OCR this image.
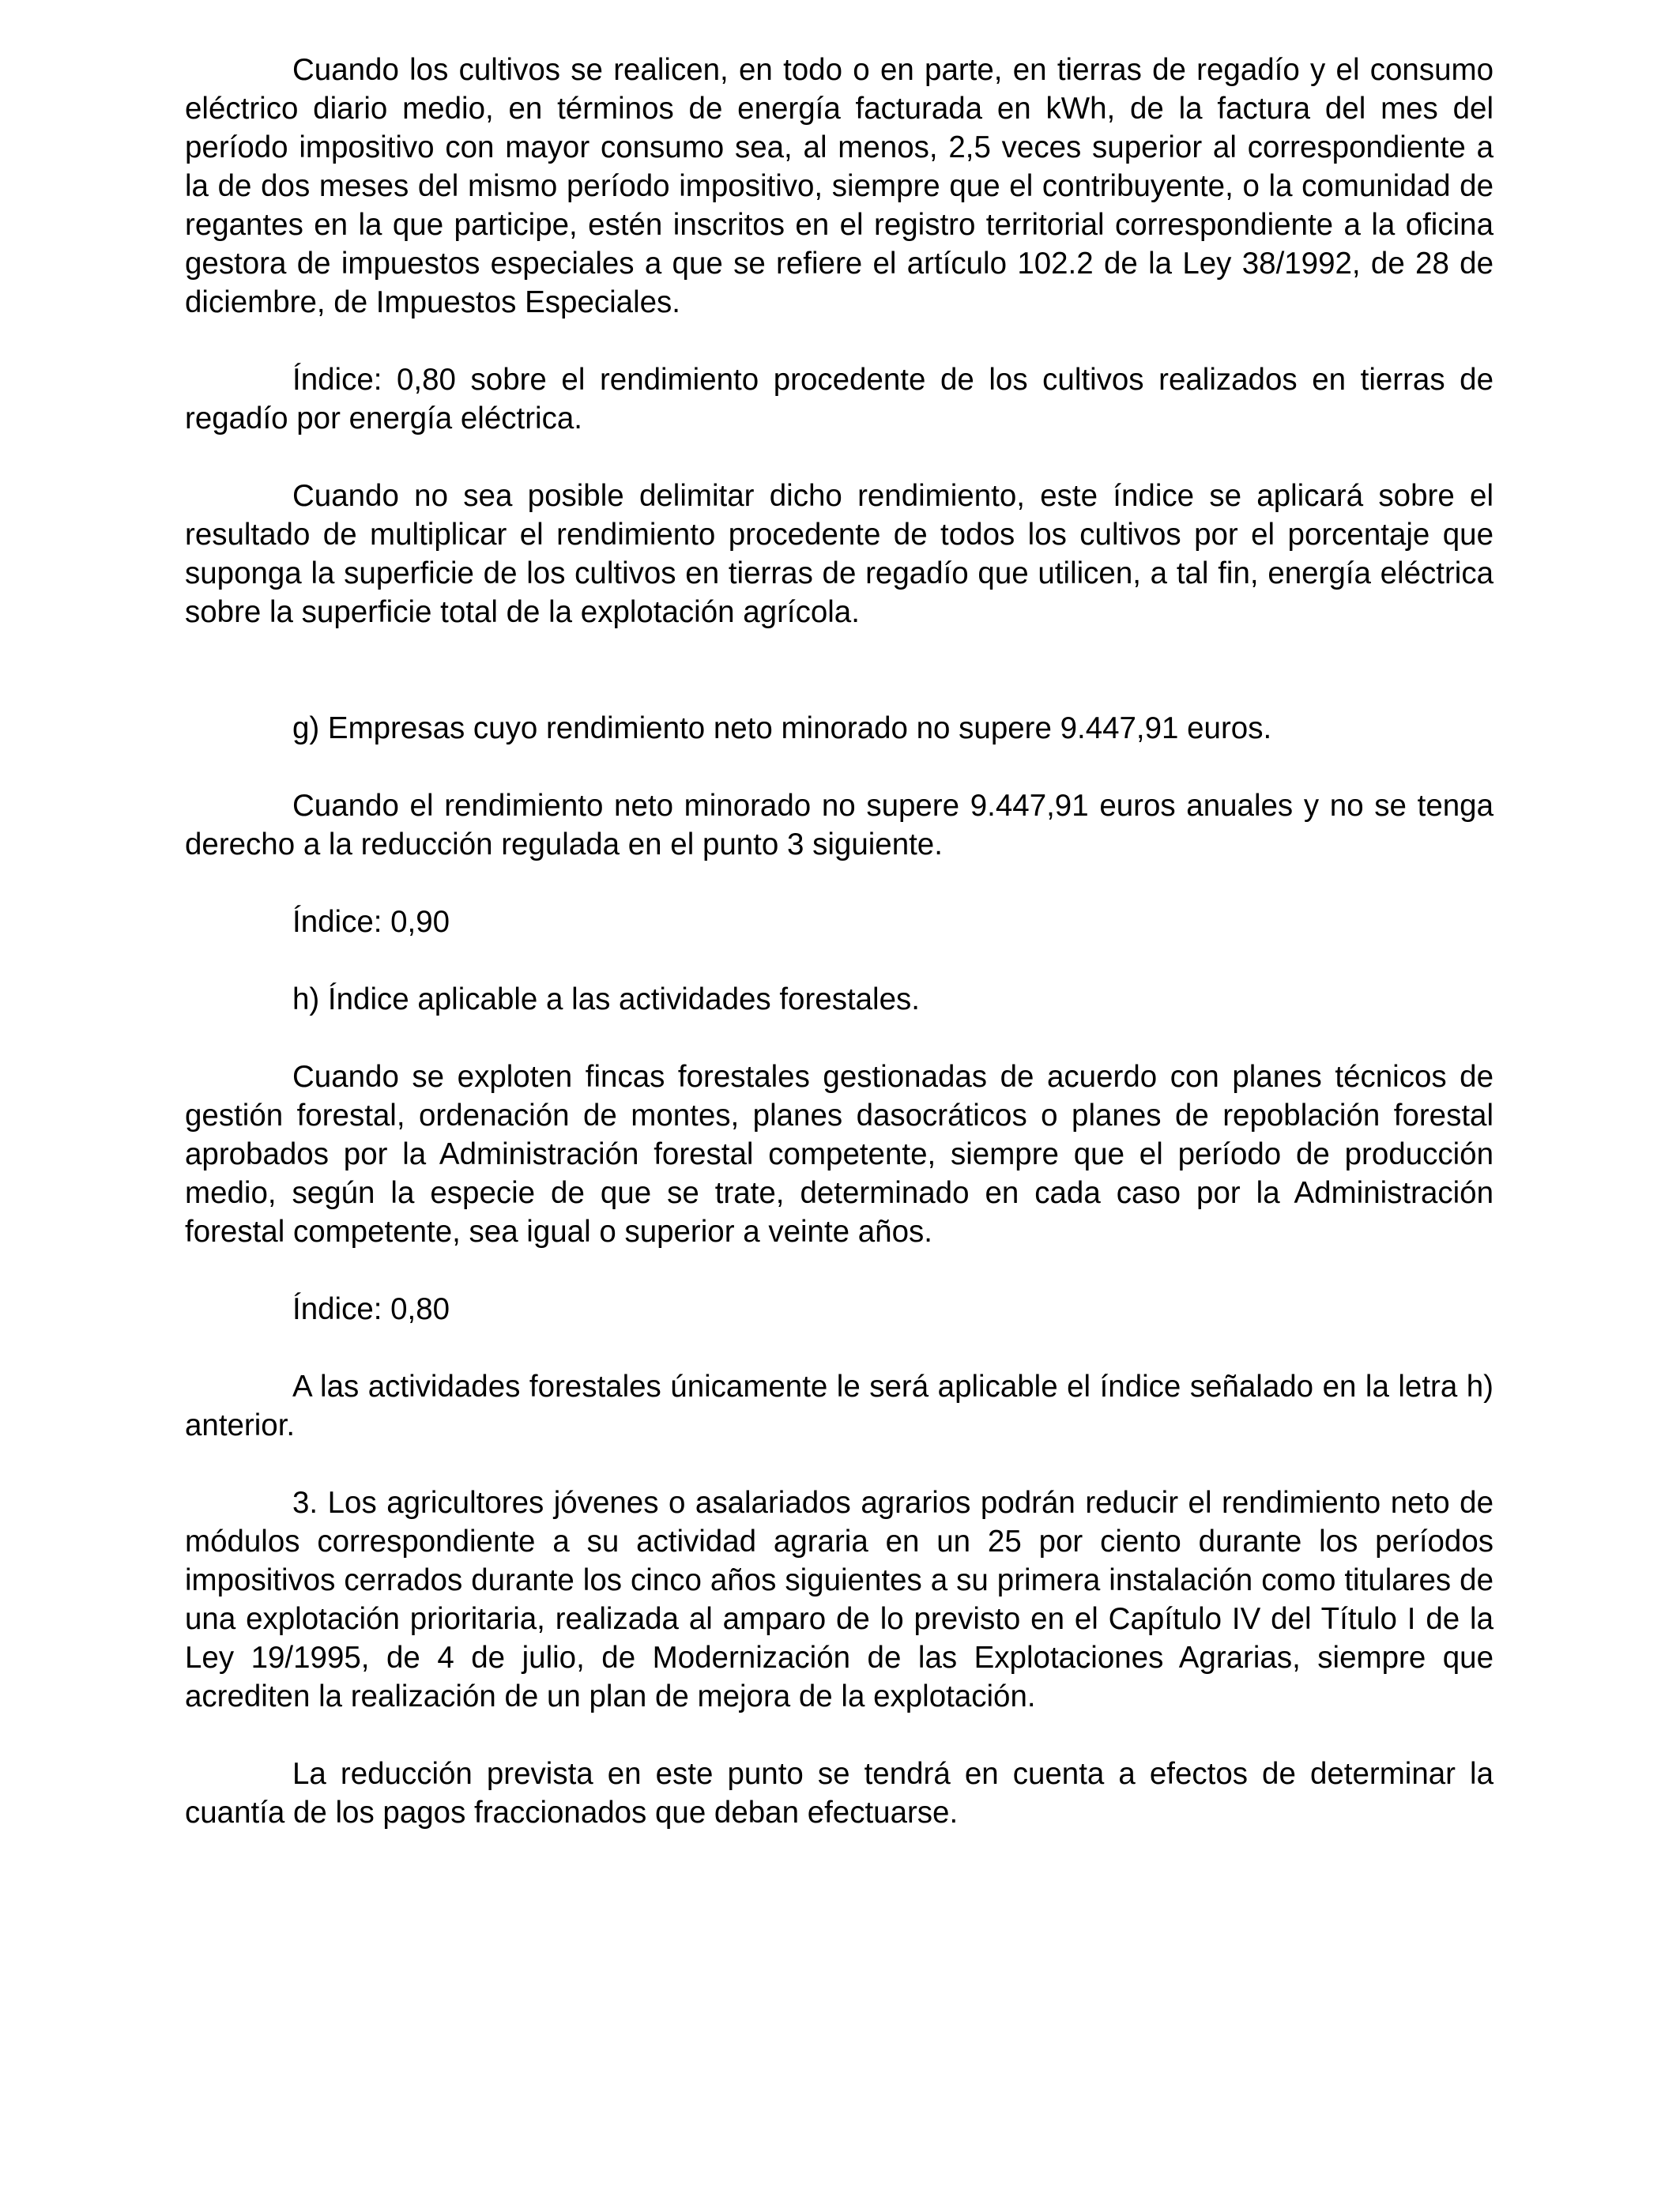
Cuando los cultivos se realicen, en todo o en parte, en tierras de regadío y el consumo eléctrico diario medio, en términos de energía facturada en kWh, de la factura del mes del período impositivo con mayor consumo sea, al menos, 2,5 veces superior al correspondiente a la de dos meses del mismo período impositivo, siempre que el contribuyente, o la comunidad de regantes en la que participe, estén inscritos en el registro territorial correspondiente a la oficina gestora de impuestos especiales a que se refiere el artículo 102.2 de la Ley 38/1992, de 28 de diciembre, de Impuestos Especiales.

Índice: 0,80 sobre el rendimiento procedente de los cultivos realizados en tierras de regadío por energía eléctrica.

Cuando no sea posible delimitar dicho rendimiento, este índice se aplicará sobre el resultado de multiplicar el rendimiento procedente de todos los cultivos por el porcentaje que suponga la superficie de los cultivos en tierras de regadío que utilicen, a tal fin, energía eléctrica sobre la superficie total de la explotación agrícola.

g) Empresas cuyo rendimiento neto minorado no supere 9.447,91 euros.

Cuando el rendimiento neto minorado no supere 9.447,91 euros anuales y no se tenga derecho a la reducción regulada en el punto 3 siguiente.

Índice: 0,90

h) Índice aplicable a las actividades forestales.

Cuando se exploten fincas forestales gestionadas de acuerdo con planes técnicos de gestión forestal, ordenación de montes, planes dasocráticos o planes de repoblación forestal aprobados por la Administración forestal competente, siempre que el período de producción medio, según la especie de que se trate, determinado en cada caso por la Administración forestal competente, sea igual o superior a veinte años.

Índice: 0,80

A las actividades forestales únicamente le será aplicable el índice señalado en la letra h) anterior.

3. Los agricultores jóvenes o asalariados agrarios podrán reducir el rendimiento neto de módulos correspondiente a su actividad agraria en un 25 por ciento durante los períodos impositivos cerrados durante los cinco años siguientes a su primera instalación como titulares de una explotación prioritaria, realizada al amparo de lo previsto en el Capítulo IV del Título I de la Ley 19/1995, de 4 de julio, de Modernización de las Explotaciones Agrarias, siempre que acrediten la realización de un plan de mejora de la explotación.

La reducción prevista en este punto se tendrá en cuenta a efectos de determinar la cuantía de los pagos fraccionados que deban efectuarse.
